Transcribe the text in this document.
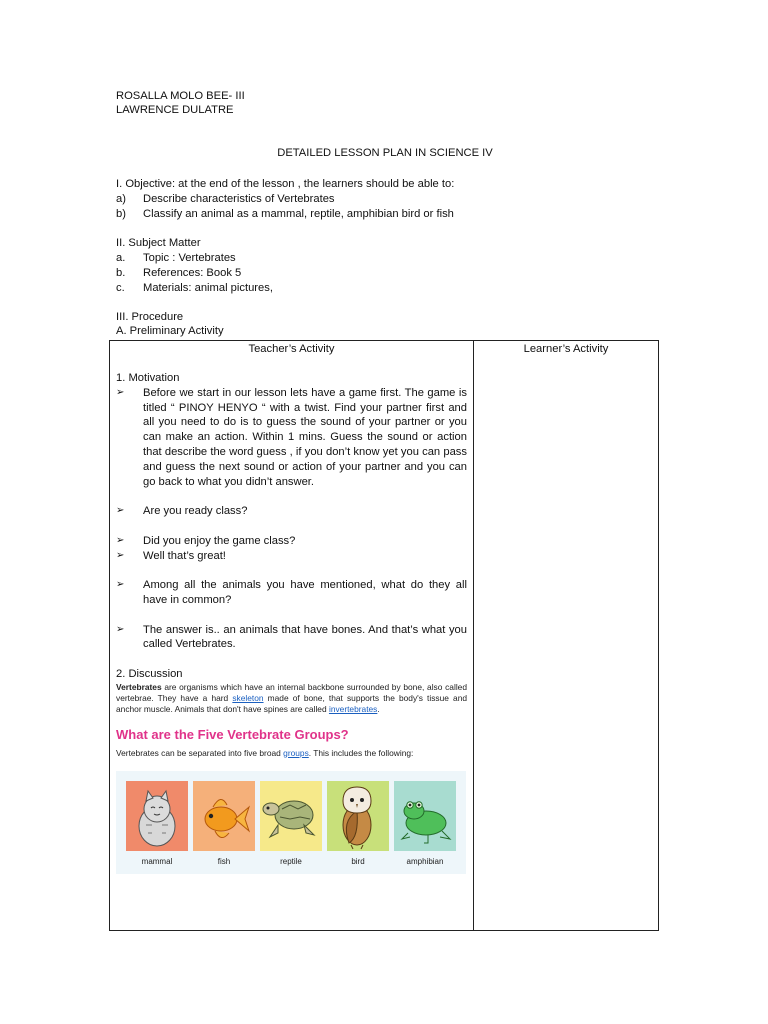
ROSALLA MOLO BEE- III
LAWRENCE DULATRE
DETAILED LESSON PLAN IN SCIENCE IV
I. Objective: at the end of the lesson , the learners should be able to:
a) Describe characteristics of Vertebrates
b) Classify an animal as a mammal, reptile, amphibian bird or fish
II. Subject Matter
a. Topic : Vertebrates
b. References: Book 5
c. Materials: animal pictures,
III. Procedure
A. Preliminary Activity
Teacher’s Activity	Learner’s Activity

1. Motivation

➢ Before we start in our lesson lets have a game first. The game is titled “ PINOY HENYO “ with a twist. Find your partner first and all you need to do is to guess the sound of your partner or you can make an action. Within 1 mins. Guess the sound or action that describe the word guess , if you don’t know yet you can pass and guess the next sound or action of your partner and you can go back to what you didn’t answer.

➢ Are you ready class?

➢ Did you enjoy the game class?

➢ Well that’s great!

➢ Among all the animals you have mentioned, what do they all have in common?

➢ The answer is.. an animals that have bones. And that’s what you called Vertebrates.

2. Discussion

Vertebrates are organisms which have an internal backbone surrounded by bone, also called vertebrae. They have a hard skeleton made of bone, that supports the body's tissue and anchor muscle. Animals that don't have spines are called invertebrates.

What are the Five Vertebrate Groups?

Vertebrates can be separated into five broad groups. This includes the following:

mammal	fish	reptile	bird	amphibian
